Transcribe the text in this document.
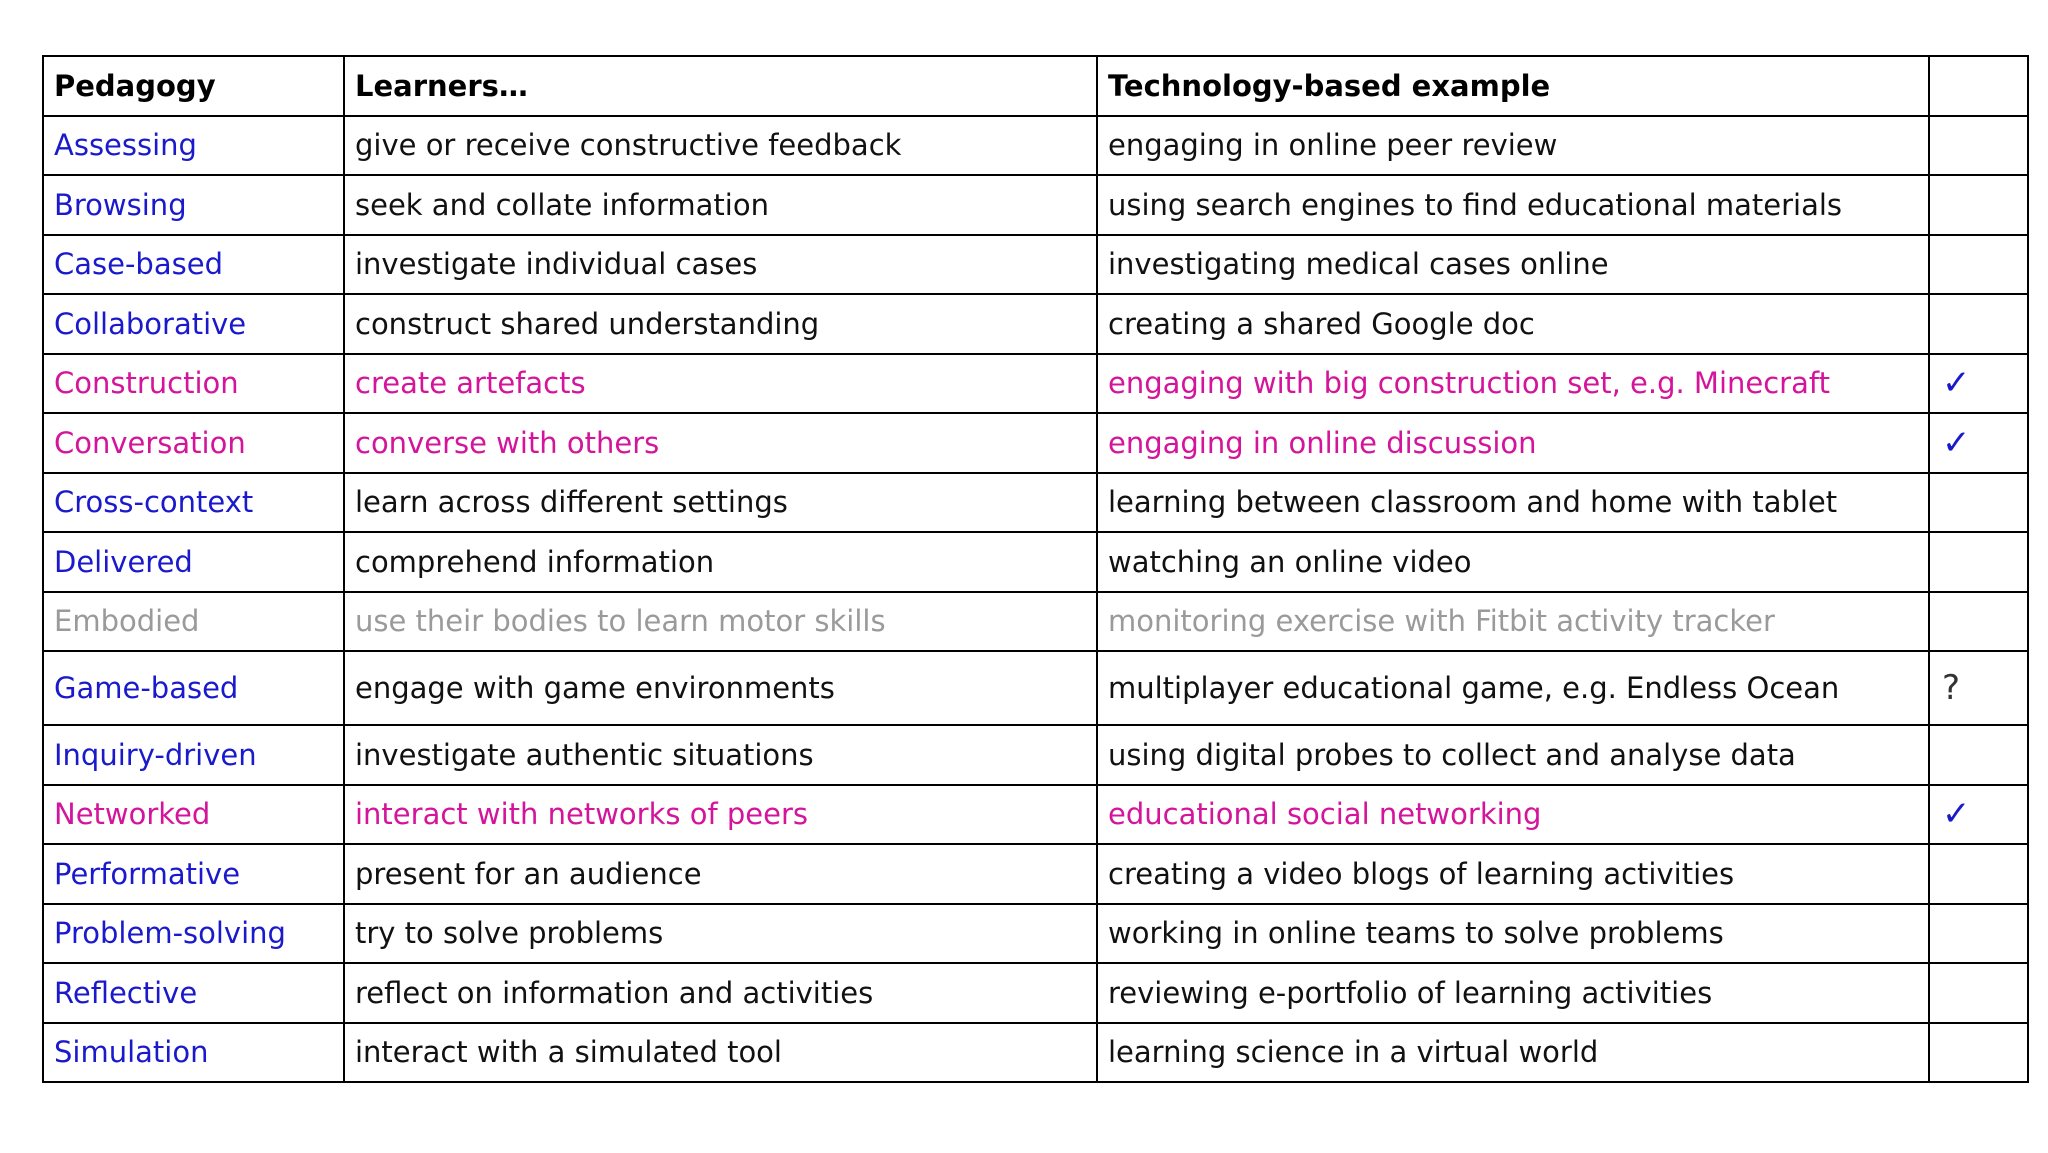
Pedagogy	Learners…	Technology-based example	
Assessing	give or receive constructive feedback	engaging in online peer review	
Browsing	seek and collate information	using search engines to find educational materials	
Case-based	investigate individual cases	investigating medical cases online	
Collaborative	construct shared understanding	creating a shared Google doc	
Construction	create artefacts	engaging with big construction set, e.g. Minecraft	✓
Conversation	converse with others	engaging in online discussion	✓
Cross-context	learn across different settings	learning between classroom and home with tablet	
Delivered	comprehend information	watching an online video	
Embodied	use their bodies to learn motor skills	monitoring exercise with Fitbit activity tracker	
Game-based	engage with game environments	multiplayer educational game, e.g. Endless Ocean	?
Inquiry-driven	investigate authentic situations	using digital probes to collect and analyse data	
Networked	interact with networks of peers	educational social networking	✓
Performative	present for an audience	creating a video blogs of learning activities	
Problem-solving	try to solve problems	working in online teams to solve problems	
Reflective	reflect on information and activities	reviewing e-portfolio of learning activities	
Simulation	interact with a simulated tool	learning science in a virtual world	
